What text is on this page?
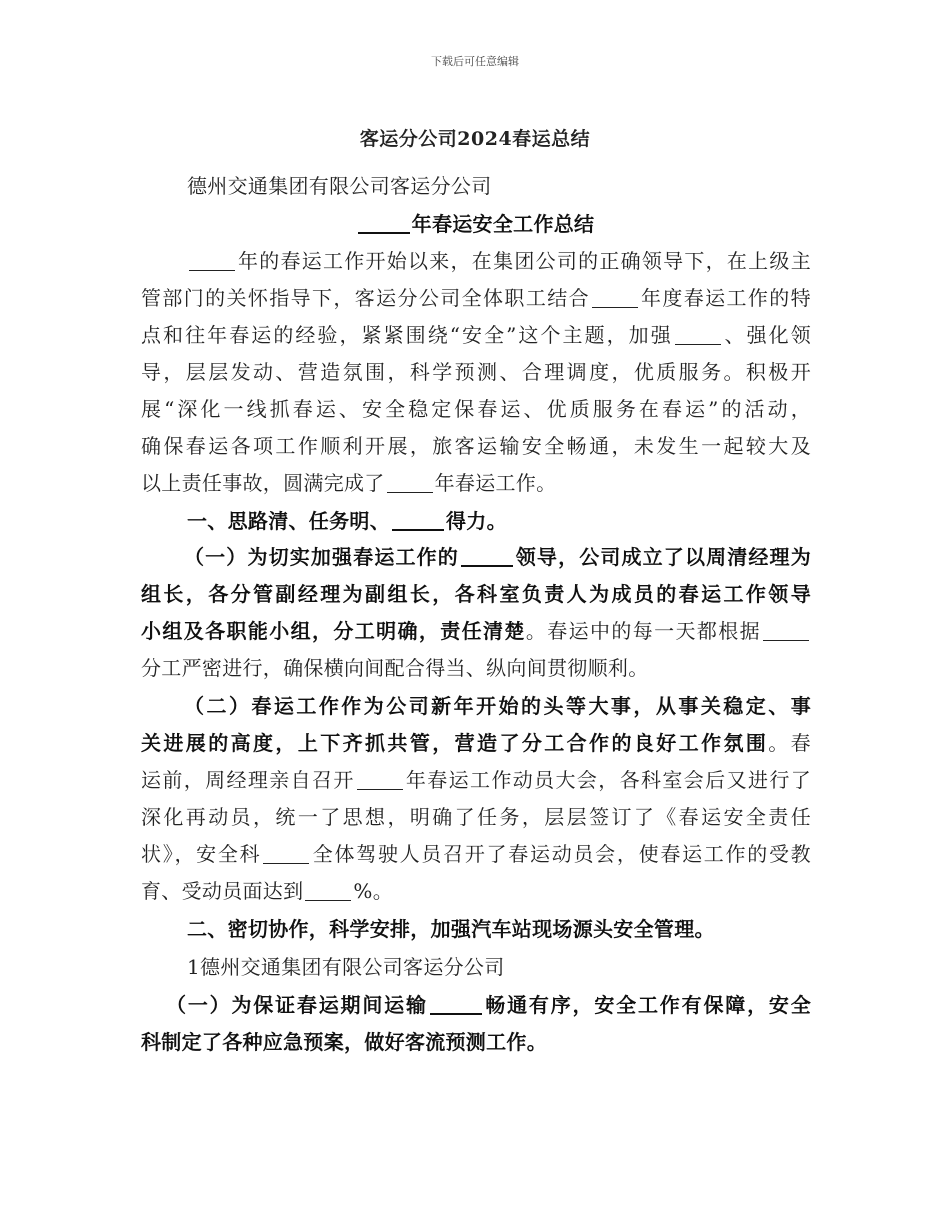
下载后可任意编辑
客运分公司2024春运总结
德州交通集团有限公司客运分公司
年春运安全工作总结
年的春运工作开始以来，在集团公司的正确领导下，在上级主
管部门的关怀指导下，客运分公司全体职工结合	年度春运工作的特
点和往年春运的经验，紧紧围绕“安全”这个主题，加强	、强化领
导，层层发动、营造氛围，科学预测、合理调度，优质服务。积极开
展“深化一线抓春运、安全稳定保春运、优质服务在春运”的活动，
确保春运各项工作顺利开展，旅客运输安全畅通，未发生一起较大及
以上责任事故，圆满完成了	年春运工作。
一、思路清、任务明、	得力。
（一）为切实加强春运工作的	领导，公司成立了以周清经理为
组长，各分管副经理为副组长，各科室负责人为成员的春运工作领导
小组及各职能小组，分工明确，责任清楚。春运中的每一天都根据
分工严密进行，确保横向间配合得当、纵向间贯彻顺利。
（二）春运工作作为公司新年开始的头等大事，从事关稳定、事
关进展的高度，上下齐抓共管，营造了分工合作的良好工作氛围。春
运前，周经理亲自召开	年春运工作动员大会，各科室会后又进行了
深化再动员，统一了思想，明确了任务，层层签订了《春运安全责任
状》，安全科	全体驾驶人员召开了春运动员会，使春运工作的受教
育、受动员面达到	%。
二、密切协作，科学安排，加强汽车站现场源头安全管理。
1德州交通集团有限公司客运分公司
（一）为保证春运期间运输	畅通有序，安全工作有保障，安全
科制定了各种应急预案，做好客流预测工作。
